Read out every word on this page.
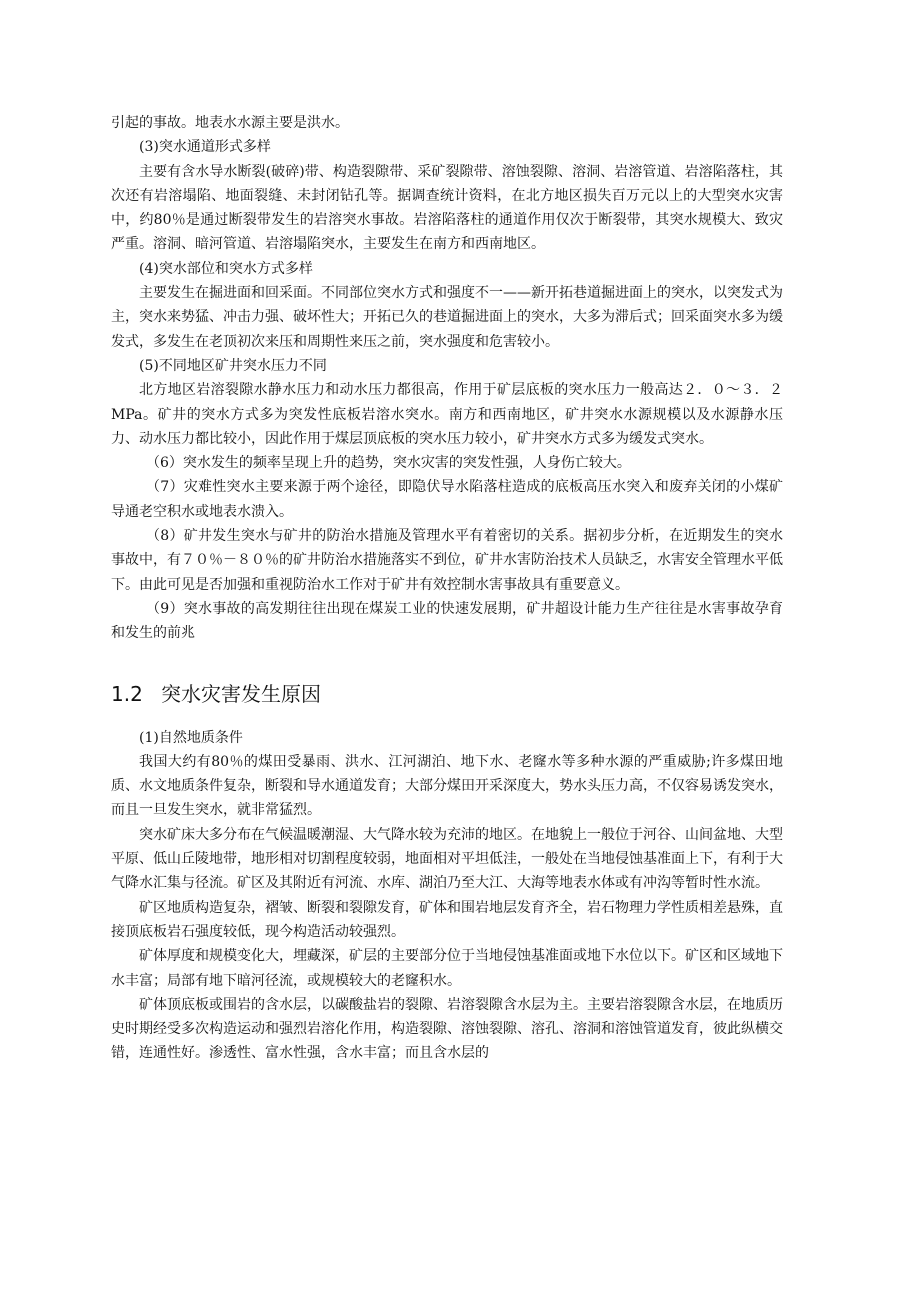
引起的事故。地表水水源主要是洪水。

(3)突水通道形式多样

主要有含水导水断裂(破碎)带、构造裂隙带、采矿裂隙带、溶蚀裂隙、溶洞、岩溶管道、岩溶陷落柱，其次还有岩溶塌陷、地面裂缝、未封闭钻孔等。据调查统计资料，在北方地区损失百万元以上的大型突水灾害中，约80％是通过断裂带发生的岩溶突水事故。岩溶陷落柱的通道作用仅次于断裂带，其突水规模大、致灾严重。溶洞、暗河管道、岩溶塌陷突水，主要发生在南方和西南地区。

(4)突水部位和突水方式多样

主要发生在掘进面和回采面。不同部位突水方式和强度不一——新开拓巷道掘进面上的突水，以突发式为主，突水来势猛、冲击力强、破坏性大；开拓已久的巷道掘进面上的突水，大多为滞后式；回采面突水多为缓发式，多发生在老顶初次来压和周期性来压之前，突水强度和危害较小。

(5)不同地区矿井突水压力不同

北方地区岩溶裂隙水静水压力和动水压力都很高，作用于矿层底板的突水压力一般高达２．０～３．２MPa。矿井的突水方式多为突发性底板岩溶水突水。南方和西南地区，矿井突水水源规模以及水源静水压力、动水压力都比较小，因此作用于煤层顶底板的突水压力较小，矿井突水方式多为缓发式突水。

（6）突水发生的频率呈现上升的趋势，突水灾害的突发性强，人身伤亡较大。

（7）灾难性突水主要来源于两个途径，即隐伏导水陷落柱造成的底板高压水突入和废弃关闭的小煤矿导通老空积水或地表水溃入。

（8）矿井发生突水与矿井的防治水措施及管理水平有着密切的关系。据初步分析，在近期发生的突水事故中，有７０％－８０％的矿井防治水措施落实不到位，矿井水害防治技术人员缺乏，水害安全管理水平低下。由此可见是否加强和重视防治水工作对于矿井有效控制水害事故具有重要意义。

（9）突水事故的高发期往往出现在煤炭工业的快速发展期，矿井超设计能力生产往往是水害事故孕育和发生的前兆

1.2 突水灾害发生原因

(1)自然地质条件

我国大约有80％的煤田受暴雨、洪水、江河湖泊、地下水、老窿水等多种水源的严重威胁;许多煤田地质、水文地质条件复杂，断裂和导水通道发育；大部分煤田开采深度大，势水头压力高，不仅容易诱发突水，而且一旦发生突水，就非常猛烈。

突水矿床大多分布在气候温暖潮湿、大气降水较为充沛的地区。在地貌上一般位于河谷、山间盆地、大型平原、低山丘陵地带，地形相对切割程度较弱，地面相对平坦低洼，一般处在当地侵蚀基准面上下，有利于大气降水汇集与径流。矿区及其附近有河流、水库、湖泊乃至大江、大海等地表水体或有冲沟等暂时性水流。

矿区地质构造复杂，褶皱、断裂和裂隙发育，矿体和围岩地层发育齐全，岩石物理力学性质相差悬殊，直接顶底板岩石强度较低，现今构造活动较强烈。

矿体厚度和规模变化大，埋藏深，矿层的主要部分位于当地侵蚀基准面或地下水位以下。矿区和区域地下水丰富；局部有地下暗河径流，或规模较大的老窿积水。

矿体顶底板或围岩的含水层，以碳酸盐岩的裂隙、岩溶裂隙含水层为主。主要岩溶裂隙含水层，在地质历史时期经受多次构造运动和强烈岩溶化作用，构造裂隙、溶蚀裂隙、溶孔、溶洞和溶蚀管道发育，彼此纵横交错，连通性好。渗透性、富水性强，含水丰富；而且含水层的
